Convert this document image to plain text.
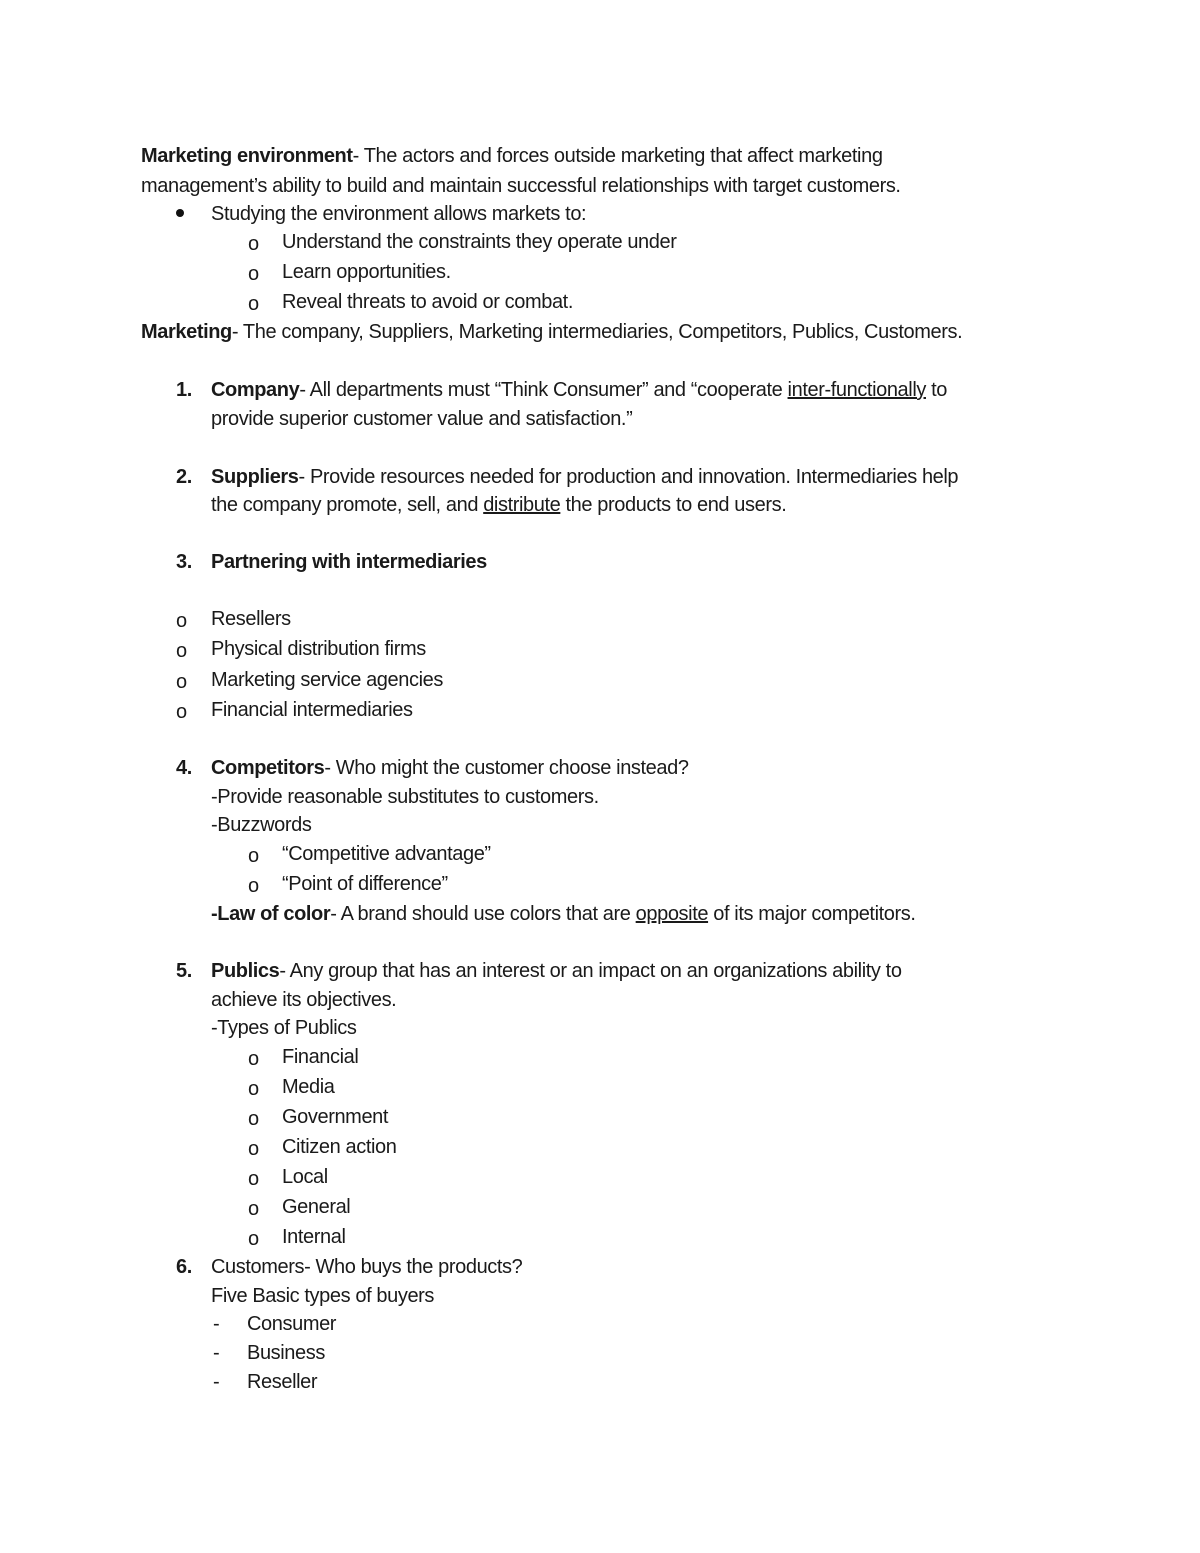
Marketing environment- The actors and forces outside marketing that affect marketing
management’s ability to build and maintain successful relationships with target customers.
Studying the environment allows markets to:
o Understand the constraints they operate under
o Learn opportunities.
o Reveal threats to avoid or combat.
Marketing- The company, Suppliers, Marketing intermediaries, Competitors, Publics, Customers.
1. Company- All departments must “Think Consumer” and “cooperate inter-functionally to
provide superior customer value and satisfaction.”
2. Suppliers- Provide resources needed for production and innovation. Intermediaries help
the company promote, sell, and distribute the products to end users.
3. Partnering with intermediaries
o Resellers
o Physical distribution firms
o Marketing service agencies
o Financial intermediaries
4. Competitors- Who might the customer choose instead?
-Provide reasonable substitutes to customers.
-Buzzwords
o “Competitive advantage”
o “Point of difference”
-Law of color- A brand should use colors that are opposite of its major competitors.
5. Publics- Any group that has an interest or an impact on an organizations ability to
achieve its objectives.
-Types of Publics
o Financial
o Media
o Government
o Citizen action
o Local
o General
o Internal
6. Customers- Who buys the products?
Five Basic types of buyers
- Consumer
- Business
- Reseller
